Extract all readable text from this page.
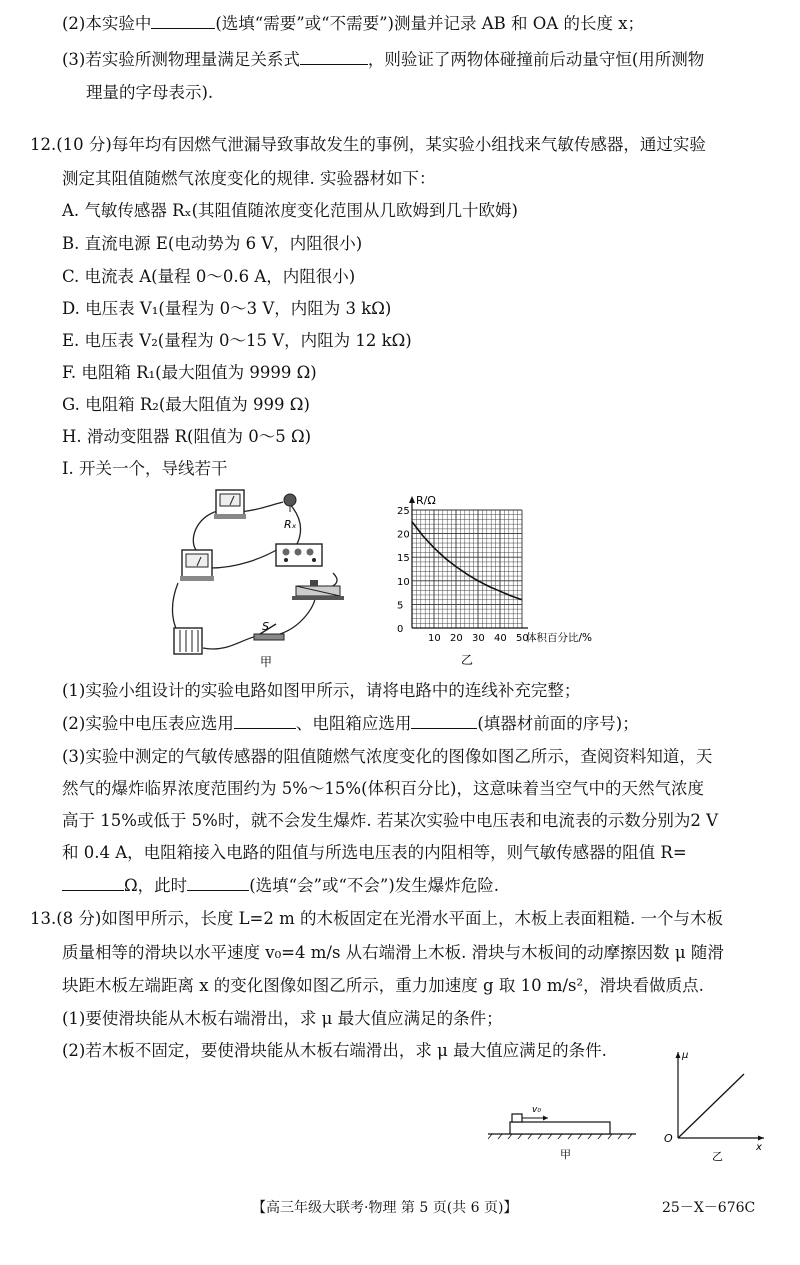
(2)本实验中	(选填“需要”或“不需要”)测量并记录 AB 和 OA 的长度 x；
(3)若实验所测物理量满足关系式	，则验证了两物体碰撞前后动量守恒(用所测物
理量的字母表示).
12.(10 分)每年均有因燃气泄漏导致事故发生的事例，某实验小组找来气敏传感器，通过实验
测定其阻值随燃气浓度变化的规律. 实验器材如下：
A. 气敏传感器 Rₓ(其阻值随浓度变化范围从几欧姆到几十欧姆)
B. 直流电源 E(电动势为 6 V，内阻很小)
C. 电流表 A(量程 0～0.6 A，内阻很小)
D. 电压表 V₁(量程为 0～3 V，内阻为 3 kΩ)
E. 电压表 V₂(量程为 0～15 V，内阻为 12 kΩ)
F. 电阻箱 R₁(最大阻值为 9999 Ω)
G. 电阻箱 R₂(最大阻值为 999 Ω)
H. 滑动变阻器 R(阻值为 0～5 Ω)
I. 开关一个，导线若干
Rₓ
S
甲
10 20 30 40 50
0
5
10
15
20
25
R/Ω
体积百分比/%
乙
(1)实验小组设计的实验电路如图甲所示，请将电路中的连线补充完整；
(2)实验中电压表应选用	、电阻箱应选用	(填器材前面的序号)；
(3)实验中测定的气敏传感器的阻值随燃气浓度变化的图像如图乙所示，查阅资料知道，天
然气的爆炸临界浓度范围约为 5%～15%(体积百分比)，这意味着当空气中的天然气浓度
高于 15%或低于 5%时，就不会发生爆炸. 若某次实验中电压表和电流表的示数分别为2 V
和 0.4 A，电阻箱接入电路的阻值与所选电压表的内阻相等，则气敏传感器的阻值 R=
Ω，此时	(选填“会”或“不会”)发生爆炸危险.
13.(8 分)如图甲所示，长度 L=2 m 的木板固定在光滑水平面上，木板上表面粗糙. 一个与木板
质量相等的滑块以水平速度 v₀=4 m/s 从右端滑上木板. 滑块与木板间的动摩擦因数 μ 随滑
块距木板左端距离 x 的变化图像如图乙所示，重力加速度 g 取 10 m/s²，滑块看做质点.
(1)要使滑块能从木板右端滑出，求 μ 最大值应满足的条件；
(2)若木板不固定，要使滑块能从木板右端滑出，求 μ 最大值应满足的条件.
v₀
甲
μ
x
O
乙
【高三年级大联考·物理 第 5 页(共 6 页)】	25－X－676C
